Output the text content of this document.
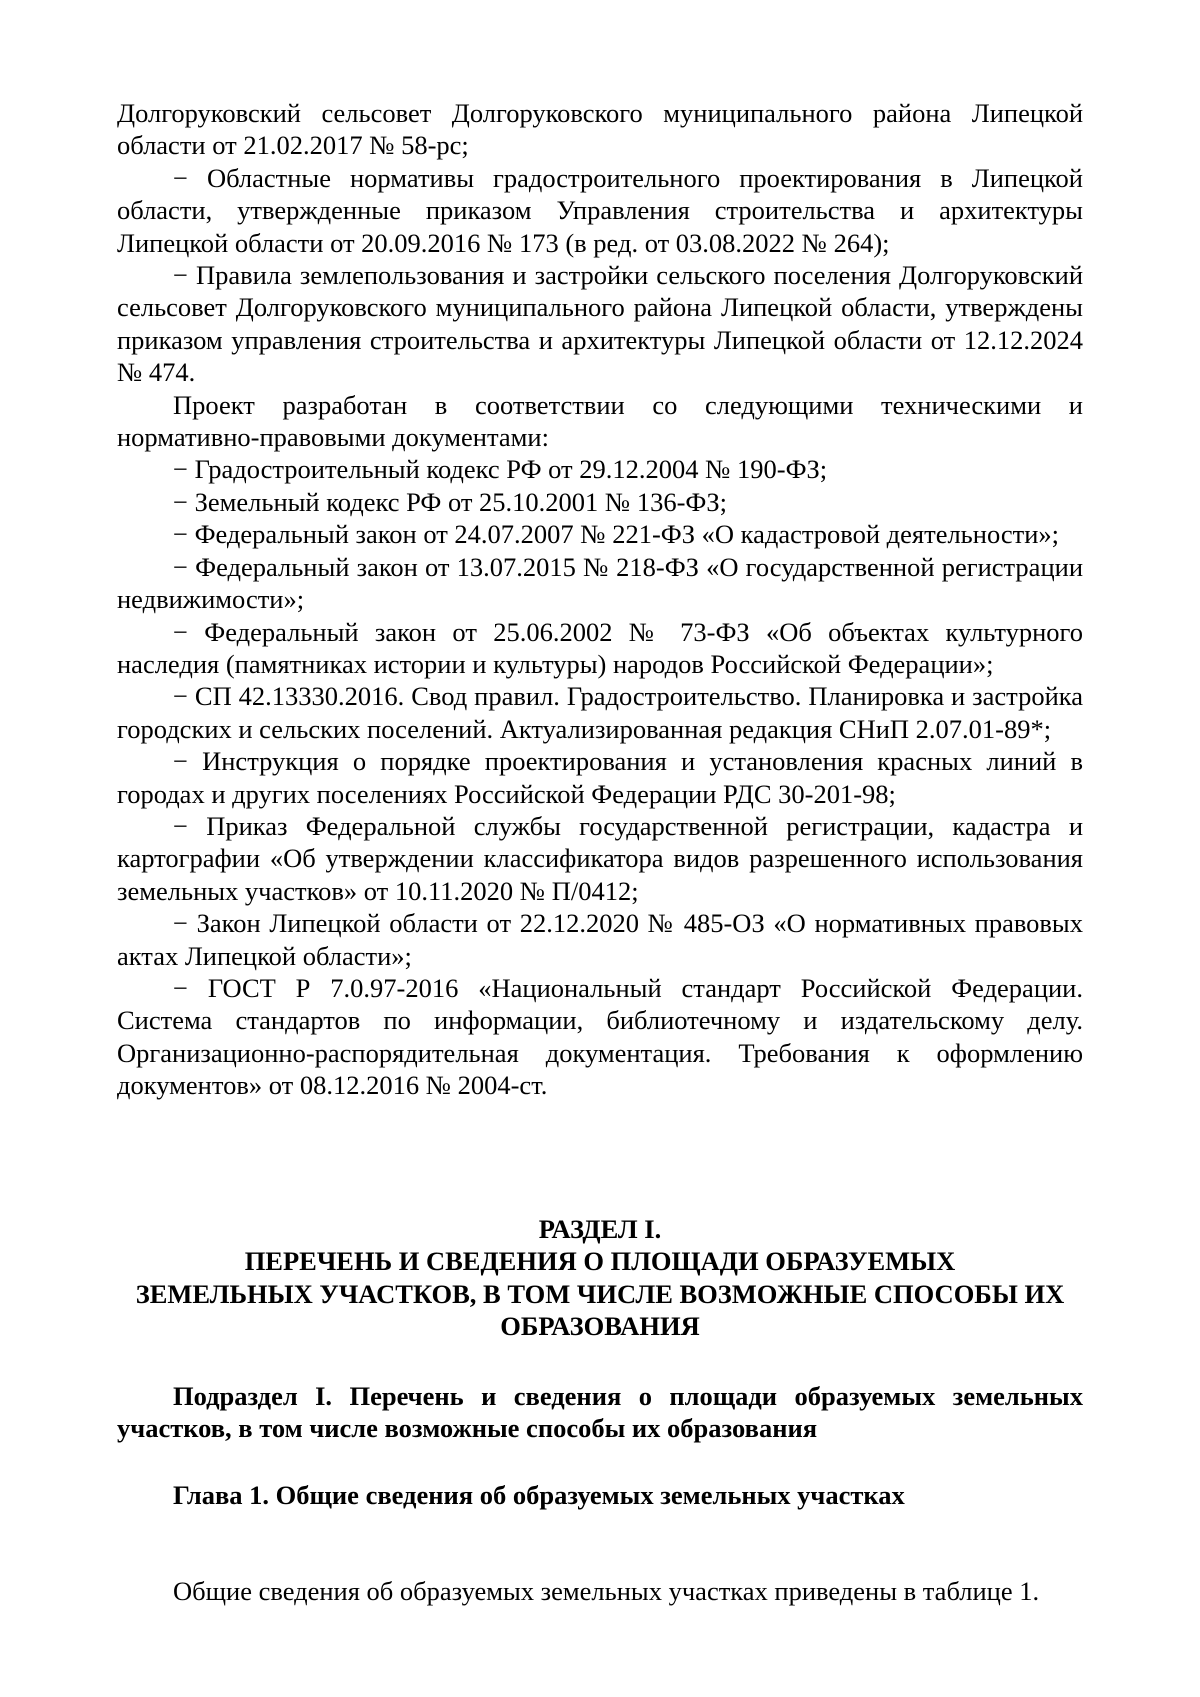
Долгоруковский сельсовет Долгоруковского муниципального района Липецкой области от 21.02.2017 № 58-рс;

− Областные нормативы градостроительного проектирования в Липецкой области, утвержденные приказом Управления строительства и архитектуры Липецкой области от 20.09.2016 № 173 (в ред. от 03.08.2022 № 264);

− Правила землепользования и застройки сельского поселения Долгоруковский сельсовет Долгоруковского муниципального района Липецкой области, утверждены приказом управления строительства и архитектуры Липецкой области от 12.12.2024 № 474.

Проект разработан в соответствии со следующими техническими и нормативно-правовыми документами:

− Градостроительный кодекс РФ от 29.12.2004 № 190-ФЗ;

− Земельный кодекс РФ от 25.10.2001 № 136-ФЗ;

− Федеральный закон от 24.07.2007 № 221-ФЗ «О кадастровой деятельности»;

− Федеральный закон от 13.07.2015 № 218-ФЗ «О государственной регистрации недвижимости»;

− Федеральный закон от 25.06.2002 № 73-ФЗ «Об объектах культурного наследия (памятниках истории и культуры) народов Российской Федерации»;

− СП 42.13330.2016. Свод правил. Градостроительство. Планировка и застройка городских и сельских поселений. Актуализированная редакция СНиП 2.07.01-89*;

− Инструкция о порядке проектирования и установления красных линий в городах и других поселениях Российской Федерации РДС 30-201-98;

− Приказ Федеральной службы государственной регистрации, кадастра и картографии «Об утверждении классификатора видов разрешенного использования земельных участков» от 10.11.2020 № П/0412;

− Закон Липецкой области от 22.12.2020 № 485-ОЗ «О нормативных правовых актах Липецкой области»;

− ГОСТ Р 7.0.97-2016 «Национальный стандарт Российской Федерации. Система стандартов по информации, библиотечному и издательскому делу. Организационно-распорядительная документация. Требования к оформлению документов» от 08.12.2016 № 2004-ст.

РАЗДЕЛ I.
ПЕРЕЧЕНЬ И СВЕДЕНИЯ О ПЛОЩАДИ ОБРАЗУЕМЫХ
ЗЕМЕЛЬНЫХ УЧАСТКОВ, В ТОМ ЧИСЛЕ ВОЗМОЖНЫЕ СПОСОБЫ ИХ
ОБРАЗОВАНИЯ

Подраздел I. Перечень и сведения о площади образуемых земельных участков, в том числе возможные способы их образования

Глава 1. Общие сведения об образуемых земельных участках

Общие сведения об образуемых земельных участках приведены в таблице 1.
